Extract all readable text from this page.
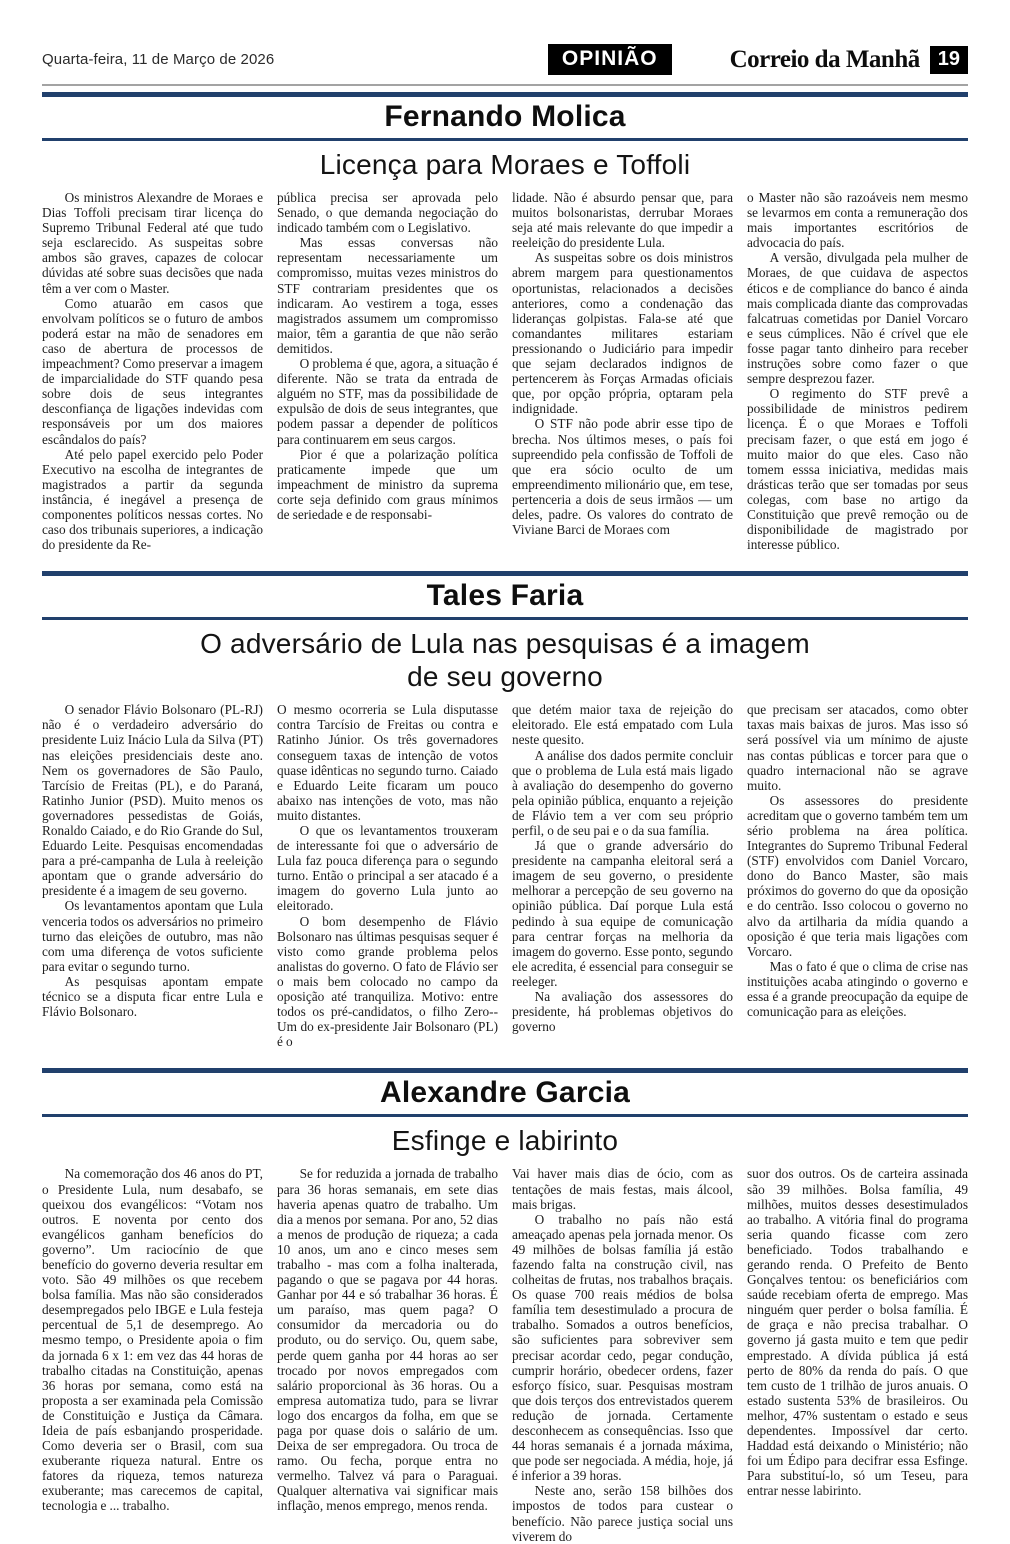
Quarta-feira, 11 de Março de 2026	OPINIÃO	Correio da Manhã 19
Fernando Molica
Licença para Moraes e Toffoli

Os ministros Alexandre de Moraes e Dias Toffoli precisam tirar licença do Supremo Tribunal Federal até que tudo seja esclarecido. As suspeitas sobre ambos são graves, capazes de colocar dúvidas até sobre suas decisões que nada têm a ver com o Master.

Como atuarão em casos que envolvam políticos se o futuro de ambos poderá estar na mão de senadores em caso de abertura de processos de impeachment? Como preservar a imagem de imparcialidade do STF quando pesa sobre dois de seus integrantes desconfiança de ligações indevidas com responsáveis por um dos maiores escândalos do país?

Até pelo papel exercido pelo Poder Executivo na escolha de integrantes de magistrados a partir da segunda instância, é inegável a presença de componentes políticos nessas cortes. No caso dos tribunais superiores, a indicação do presidente da Re-

pública precisa ser aprovada pelo Senado, o que demanda negociação do indicado também com o Legislativo.

Mas essas conversas não representam necessariamente um compromisso, muitas vezes ministros do STF contrariam presidentes que os indicaram. Ao vestirem a toga, esses magistrados assumem um compromisso maior, têm a garantia de que não serão demitidos.

O problema é que, agora, a situação é diferente. Não se trata da entrada de alguém no STF, mas da possibilidade de expulsão de dois de seus integrantes, que podem passar a depender de políticos para continuarem em seus cargos.

Pior é que a polarização política praticamente impede que um impeachment de ministro da suprema corte seja definido com graus mínimos de seriedade e de responsabi-

lidade. Não é absurdo pensar que, para muitos bolsonaristas, derrubar Moraes seja até mais relevante do que impedir a reeleição do presidente Lula.

As suspeitas sobre os dois ministros abrem margem para questionamentos oportunistas, relacionados a decisões anteriores, como a condenação das lideranças golpistas. Fala-se até que comandantes militares estariam pressionando o Judiciário para impedir que sejam declarados indignos de pertencerem às Forças Armadas oficiais que, por opção própria, optaram pela indignidade.

O STF não pode abrir esse tipo de brecha. Nos últimos meses, o país foi supreendido pela confissão de Toffoli de que era sócio oculto de um empreendimento milionário que, em tese, pertenceria a dois de seus irmãos — um deles, padre. Os valores do contrato de Viviane Barci de Moraes com

o Master não são razoáveis nem mesmo se levarmos em conta a remuneração dos mais importantes escritórios de advocacia do país.

A versão, divulgada pela mulher de Moraes, de que cuidava de aspectos éticos e de compliance do banco é ainda mais complicada diante das comprovadas falcatruas cometidas por Daniel Vorcaro e seus cúmplices. Não é crível que ele fosse pagar tanto dinheiro para receber instruções sobre como fazer o que sempre desprezou fazer.

O regimento do STF prevê a possibilidade de ministros pedirem licença. É o que Moraes e Toffoli precisam fazer, o que está em jogo é muito maior do que eles. Caso não tomem esssa iniciativa, medidas mais drásticas terão que ser tomadas por seus colegas, com base no artigo da Constituição que prevê remoção ou de disponibilidade de magistrado por interesse público.

Tales Faria
O adversário de Lula nas pesquisas é a imagem de seu governo

O senador Flávio Bolsonaro (PL-RJ) não é o verdadeiro adversário do presidente Luiz Inácio Lula da Silva (PT) nas eleições presidenciais deste ano. Nem os governadores de São Paulo, Tarcísio de Freitas (PL), e do Paraná, Ratinho Junior (PSD). Muito menos os governadores pessedistas de Goiás, Ronaldo Caiado, e do Rio Grande do Sul, Eduardo Leite. Pesquisas encomendadas para a pré-campanha de Lula à reeleição apontam que o grande adversário do presidente é a imagem de seu governo.

Os levantamentos apontam que Lula venceria todos os adversários no primeiro turno das eleições de outubro, mas não com uma diferença de votos suficiente para evitar o segundo turno.

As pesquisas apontam empate técnico se a disputa ficar entre Lula e Flávio Bolsonaro.

O mesmo ocorreria se Lula disputasse contra Tarcísio de Freitas ou contra e Ratinho Júnior. Os três governadores conseguem taxas de intenção de votos quase idênticas no segundo turno. Caiado e Eduardo Leite ficaram um pouco abaixo nas intenções de voto, mas não muito distantes.

O que os levantamentos trouxeram de interessante foi que o adversário de Lula faz pouca diferença para o segundo turno. Então o principal a ser atacado é a imagem do governo Lula junto ao eleitorado.

O bom desempenho de Flávio Bolsonaro nas últimas pesquisas sequer é visto como grande problema pelos analistas do governo. O fato de Flávio ser o mais bem colocado no campo da oposição até tranquiliza. Motivo: entre todos os pré-candidatos, o filho Zero--Um do ex-presidente Jair Bolsonaro (PL) é o

que detém maior taxa de rejeição do eleitorado. Ele está empatado com Lula neste quesito.

A análise dos dados permite concluir que o problema de Lula está mais ligado à avaliação do desempenho do governo pela opinião pública, enquanto a rejeição de Flávio tem a ver com seu próprio perfil, o de seu pai e o da sua família.

Já que o grande adversário do presidente na campanha eleitoral será a imagem de seu governo, o presidente melhorar a percepção de seu governo na opinião pública. Daí porque Lula está pedindo à sua equipe de comunicação para centrar forças na melhoria da imagem do governo. Esse ponto, segundo ele acredita, é essencial para conseguir se reeleger.

Na avaliação dos assessores do presidente, há problemas objetivos do governo

que precisam ser atacados, como obter taxas mais baixas de juros. Mas isso só será possível via um mínimo de ajuste nas contas públicas e torcer para que o quadro internacional não se agrave muito.

Os assessores do presidente acreditam que o governo também tem um sério problema na área política. Integrantes do Supremo Tribunal Federal (STF) envolvidos com Daniel Vorcaro, dono do Banco Master, são mais próximos do governo do que da oposição e do centrão. Isso colocou o governo no alvo da artilharia da mídia quando a oposição é que teria mais ligações com Vorcaro.

Mas o fato é que o clima de crise nas instituições acaba atingindo o governo e essa é a grande preocupação da equipe de comunicação para as eleições.

Alexandre Garcia
Esfinge e labirinto

Na comemoração dos 46 anos do PT, o Presidente Lula, num desabafo, se queixou dos evangélicos: “Votam nos outros. E noventa por cento dos evangélicos ganham benefícios do governo”. Um raciocínio de que benefício do governo deveria resultar em voto. São 49 milhões os que recebem bolsa família. Mas não são considerados desempregados pelo IBGE e Lula festeja percentual de 5,1 de desemprego. Ao mesmo tempo, o Presidente apoia o fim da jornada 6 x 1: em vez das 44 horas de trabalho citadas na Constituição, apenas 36 horas por semana, como está na proposta a ser examinada pela Comissão de Constituição e Justiça da Câmara. Ideia de país esbanjando prosperidade. Como deveria ser o Brasil, com sua exuberante riqueza natural. Entre os fatores da riqueza, temos natureza exuberante; mas carecemos de capital, tecnologia e ... trabalho.

Se for reduzida a jornada de trabalho para 36 horas semanais, em sete dias haveria apenas quatro de trabalho. Um dia a menos por semana. Por ano, 52 dias a menos de produção de riqueza; a cada 10 anos, um ano e cinco meses sem trabalho - mas com a folha inalterada, pagando o que se pagava por 44 horas. Ganhar por 44 e só trabalhar 36 horas. É um paraíso, mas quem paga? O consumidor da mercadoria ou do produto, ou do serviço. Ou, quem sabe, perde quem ganha por 44 horas ao ser trocado por novos empregados com salário proporcional às 36 horas. Ou a empresa automatiza tudo, para se livrar logo dos encargos da folha, em que se paga por quase dois o salário de um. Deixa de ser empregadora. Ou troca de ramo. Ou fecha, porque entra no vermelho. Talvez vá para o Paraguai. Qualquer alternativa vai significar mais inflação, menos emprego, menos renda.

Vai haver mais dias de ócio, com as tentações de mais festas, mais álcool, mais brigas.

O trabalho no país não está ameaçado apenas pela jornada menor. Os 49 milhões de bolsas família já estão fazendo falta na construção civil, nas colheitas de frutas, nos trabalhos braçais. Os quase 700 reais médios de bolsa família tem desestimulado a procura de trabalho. Somados a outros benefícios, são suficientes para sobreviver sem precisar acordar cedo, pegar condução, cumprir horário, obedecer ordens, fazer esforço físico, suar. Pesquisas mostram que dois terços dos entrevistados querem redução de jornada. Certamente desconhecem as consequências. Isso que 44 horas semanais é a jornada máxima, que pode ser negociada. A média, hoje, já é inferior a 39 horas.

Neste ano, serão 158 bilhões dos impostos de todos para custear o benefício. Não parece justiça social uns viverem do

suor dos outros. Os de carteira assinada são 39 milhões. Bolsa família, 49 milhões, muitos desses desestimulados ao trabalho. A vitória final do programa seria quando ficasse com zero beneficiado. Todos trabalhando e gerando renda. O Prefeito de Bento Gonçalves tentou: os beneficiários com saúde recebiam oferta de emprego. Mas ninguém quer perder o bolsa família. É de graça e não precisa trabalhar. O governo já gasta muito e tem que pedir emprestado. A dívida pública já está perto de 80% da renda do país. O que tem custo de 1 trilhão de juros anuais. O estado sustenta 53% de brasileiros. Ou melhor, 47% sustentam o estado e seus dependentes. Impossível dar certo. Haddad está deixando o Ministério; não foi um Édipo para decifrar essa Esfinge. Para substituí-lo, só um Teseu, para entrar nesse labirinto.
